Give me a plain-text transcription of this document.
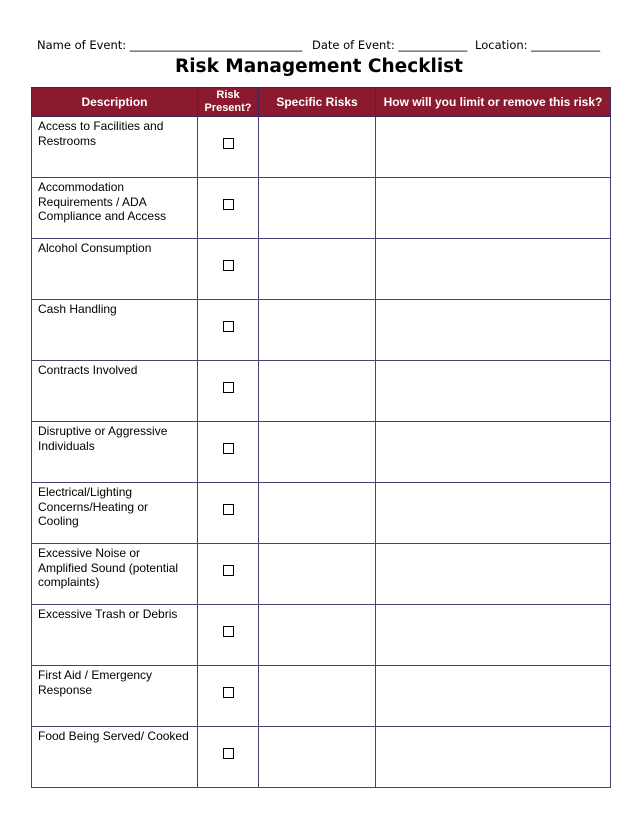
Name of Event: ______________________________ Date of Event: ____________ Location: ____________
Risk Management Checklist
Description	Risk Present?	Specific Risks	How will you limit or remove this risk?
Access to Facilities and Restrooms			
Accommodation Requirements / ADA Compliance and Access			
Alcohol Consumption			
Cash Handling			
Contracts Involved			
Disruptive or Aggressive Individuals			
Electrical/Lighting Concerns/Heating or Cooling			
Excessive Noise or Amplified Sound (potential complaints)			
Excessive Trash or Debris			
First Aid / Emergency Response			
Food Being Served/ Cooked			
